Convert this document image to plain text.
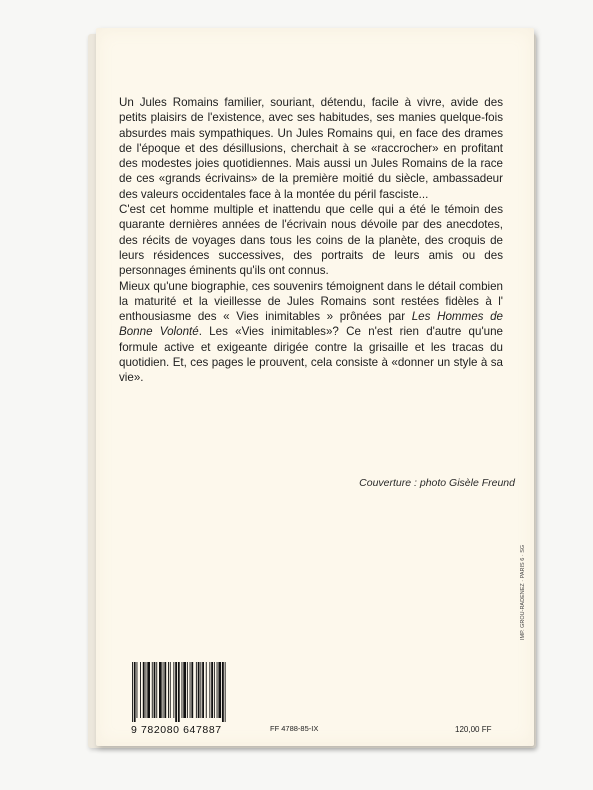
Un Jules Romains familier, souriant, détendu, facile à vivre, avide des petits plaisirs de l'existence, avec ses habitudes, ses manies quelque-fois absurdes mais sympathiques. Un Jules Romains qui, en face des drames de l'époque et des désillusions, cherchait à se «raccrocher» en profitant des modestes joies quotidiennes. Mais aussi un Jules Romains de la race de ces «grands écrivains» de la première moitié du siècle, ambassadeur des valeurs occidentales face à la montée du péril fasciste...

C'est cet homme multiple et inattendu que celle qui a été le témoin des quarante dernières années de l'écrivain nous dévoile par des anecdotes, des récits de voyages dans tous les coins de la planète, des croquis de leurs résidences successives, des portraits de leurs amis ou des personnages éminents qu'ils ont connus.

Mieux qu'une biographie, ces souvenirs témoignent dans le détail combien la maturité et la vieillesse de Jules Romains sont restées fidèles à l' enthousiasme des « Vies inimitables » prônées par Les Hommes de Bonne Volonté. Les «Vies inimitables»? Ce n'est rien d'autre qu'une formule active et exigeante dirigée contre la grisaille et les tracas du quotidien. Et, ces pages le prouvent, cela consiste à «donner un style à sa vie».

Couverture : photo Gisèle Freund
9 782080 647887	FF 4788-85-IX	120,00 FF
IMP. GROU-RADENEZ · PARIS 6 · SG
